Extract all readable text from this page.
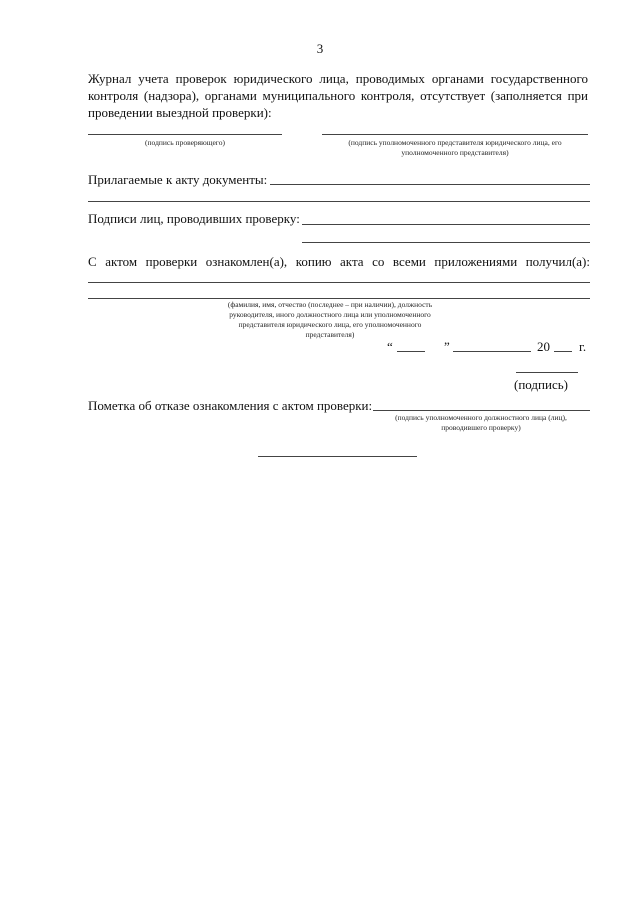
3
Журнал учета проверок юридического лица, проводимых органами государственного контроля (надзора), органами муниципального контроля, отсутствует (заполняется при проведении выездной проверки):
(подпись проверяющего)	(подпись уполномоченного представителя юридического лица, его уполномоченного представителя)
Прилагаемые к акту документы:
Подписи лиц, проводивших проверку:
С актом проверки ознакомлен(а), копию акта со всеми приложениями получил(а):
(фамилия, имя, отчество (последнее – при наличии), должность руководителя, иного должностного лица или уполномоченного представителя юридического лица, его уполномоченного представителя)
“	”	20 г.
(подпись)
Пометка об отказе ознакомления с актом проверки:
(подпись уполномоченного должностного лица (лиц), проводившего проверку)
